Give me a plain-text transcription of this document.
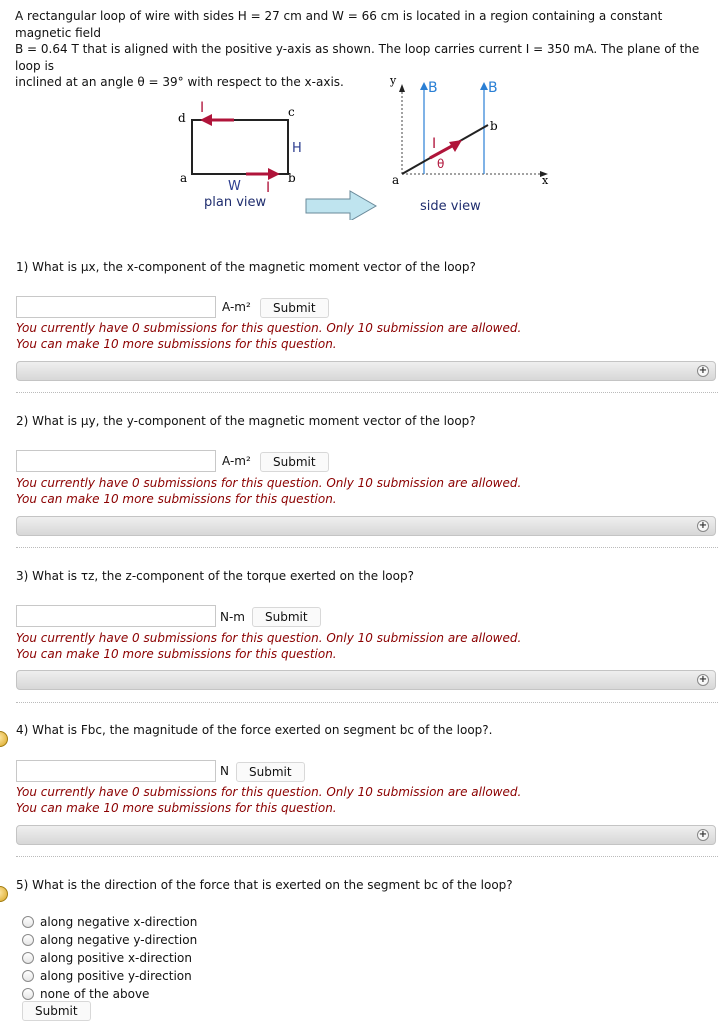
A rectangular loop of wire with sides H = 27 cm and W = 66 cm is located in a region containing a constant magnetic field
B = 0.64 T that is aligned with the positive y-axis as shown. The loop carries current I = 350 mA. The plane of the loop is
inclined at an angle θ = 39° with respect to the x-axis.
d	c
a	b
I
I
H
W
plan view
y
x
B	B
I
θ
a
b
side view
1) What is μx, the x-component of the magnetic moment vector of the loop?
A-m²	Submit
You currently have 0 submissions for this question. Only 10 submission are allowed.
You can make 10 more submissions for this question.
+
2) What is μy, the y-component of the magnetic moment vector of the loop?
A-m²	Submit
You currently have 0 submissions for this question. Only 10 submission are allowed.
You can make 10 more submissions for this question.
+
3) What is τz, the z-component of the torque exerted on the loop?
N-m	Submit
You currently have 0 submissions for this question. Only 10 submission are allowed.
You can make 10 more submissions for this question.
+
4) What is Fbc, the magnitude of the force exerted on segment bc of the loop?.
N	Submit
You currently have 0 submissions for this question. Only 10 submission are allowed.
You can make 10 more submissions for this question.
+
5) What is the direction of the force that is exerted on the segment bc of the loop?
along negative x-direction
along negative y-direction
along positive x-direction
along positive y-direction
none of the above
Submit
